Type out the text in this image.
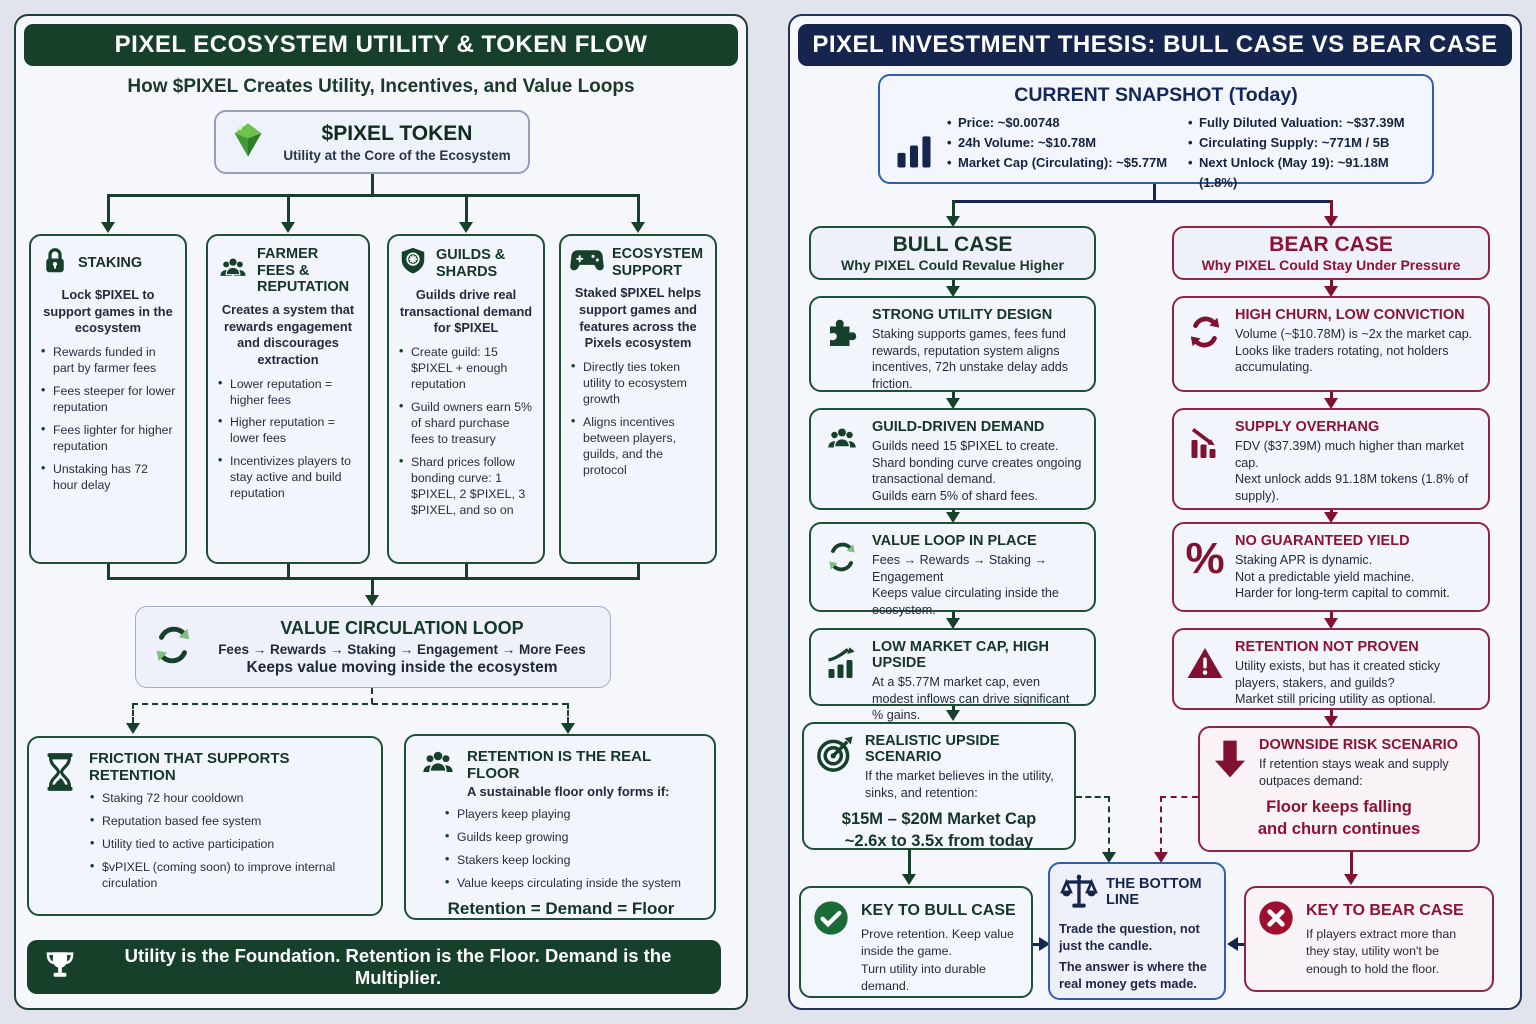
PIXEL ECOSYSTEM UTILITY & TOKEN FLOW
How $PIXEL Creates Utility, Incentives, and Value Loops
$PIXEL TOKEN
Utility at the Core of the Ecosystem
STAKING
Lock $PIXEL to support games in the ecosystem
• Rewards funded in part by farmer fees
• Fees steeper for lower reputation
• Fees lighter for higher reputation
• Unstaking has 72 hour delay
FARMER FEES & REPUTATION
Creates a system that rewards engagement and discourages extraction
• Lower reputation = higher fees
• Higher reputation = lower fees
• Incentivizes players to stay active and build reputation
GUILDS & SHARDS
Guilds drive real transactional demand for $PIXEL
• Create guild: 15 $PIXEL + enough reputation
• Guild owners earn 5% of shard purchase fees to treasury
• Shard prices follow bonding curve: 1 $PIXEL, 2 $PIXEL, 3 $PIXEL, and so on
ECOSYSTEM SUPPORT
Staked $PIXEL helps support games and features across the Pixels ecosystem
• Directly ties token utility to ecosystem growth
• Aligns incentives between players, guilds, and the protocol
VALUE CIRCULATION LOOP
Fees → Rewards → Staking → Engagement → More Fees
Keeps value moving inside the ecosystem
FRICTION THAT SUPPORTS RETENTION
• Staking 72 hour cooldown
• Reputation based fee system
• Utility tied to active participation
• $vPIXEL (coming soon) to improve internal circulation
RETENTION IS THE REAL FLOOR
A sustainable floor only forms if:
• Players keep playing
• Guilds keep growing
• Stakers keep locking
• Value keeps circulating inside the system
Retention = Demand = Floor
Utility is the Foundation. Retention is the Floor. Demand is the Multiplier.
PIXEL INVESTMENT THESIS: BULL CASE VS BEAR CASE
CURRENT SNAPSHOT (Today)
• Price: ~$0.00748
• 24h Volume: ~$10.78M
• Market Cap (Circulating): ~$5.77M
• Fully Diluted Valuation: ~$37.39M
• Circulating Supply: ~771M / 5B
• Next Unlock (May 19): ~91.18M (1.8%)
BULL CASE
Why PIXEL Could Revalue Higher
STRONG UTILITY DESIGN
Staking supports games, fees fund rewards, reputation system aligns incentives, 72h unstake delay adds friction.
GUILD-DRIVEN DEMAND
Guilds need 15 $PIXEL to create.
Shard bonding curve creates ongoing transactional demand.
Guilds earn 5% of shard fees.
VALUE LOOP IN PLACE
Fees → Rewards → Staking → Engagement
Keeps value circulating inside the ecosystem.
LOW MARKET CAP, HIGH UPSIDE
At a $5.77M market cap, even modest inflows can drive significant % gains.
REALISTIC UPSIDE SCENARIO
If the market believes in the utility, sinks, and retention:
$15M – $20M Market Cap
~2.6x to 3.5x from today
KEY TO BULL CASE
Prove retention. Keep value inside the game.
Turn utility into durable demand.
THE BOTTOM LINE
Trade the question, not just the candle.
The answer is where the real money gets made.
BEAR CASE
Why PIXEL Could Stay Under Pressure
HIGH CHURN, LOW CONVICTION
Volume (~$10.78M) is ~2x the market cap.
Looks like traders rotating, not holders accumulating.
SUPPLY OVERHANG
FDV ($37.39M) much higher than market cap.
Next unlock adds 91.18M tokens (1.8% of supply).
% NO GUARANTEED YIELD
Staking APR is dynamic.
Not a predictable yield machine.
Harder for long-term capital to commit.
RETENTION NOT PROVEN
Utility exists, but has it created sticky players, stakers, and guilds?
Market still pricing utility as optional.
DOWNSIDE RISK SCENARIO
If retention stays weak and supply outpaces demand:
Floor keeps falling
and churn continues
KEY TO BEAR CASE
If players extract more than they stay, utility won't be enough to hold the floor.
